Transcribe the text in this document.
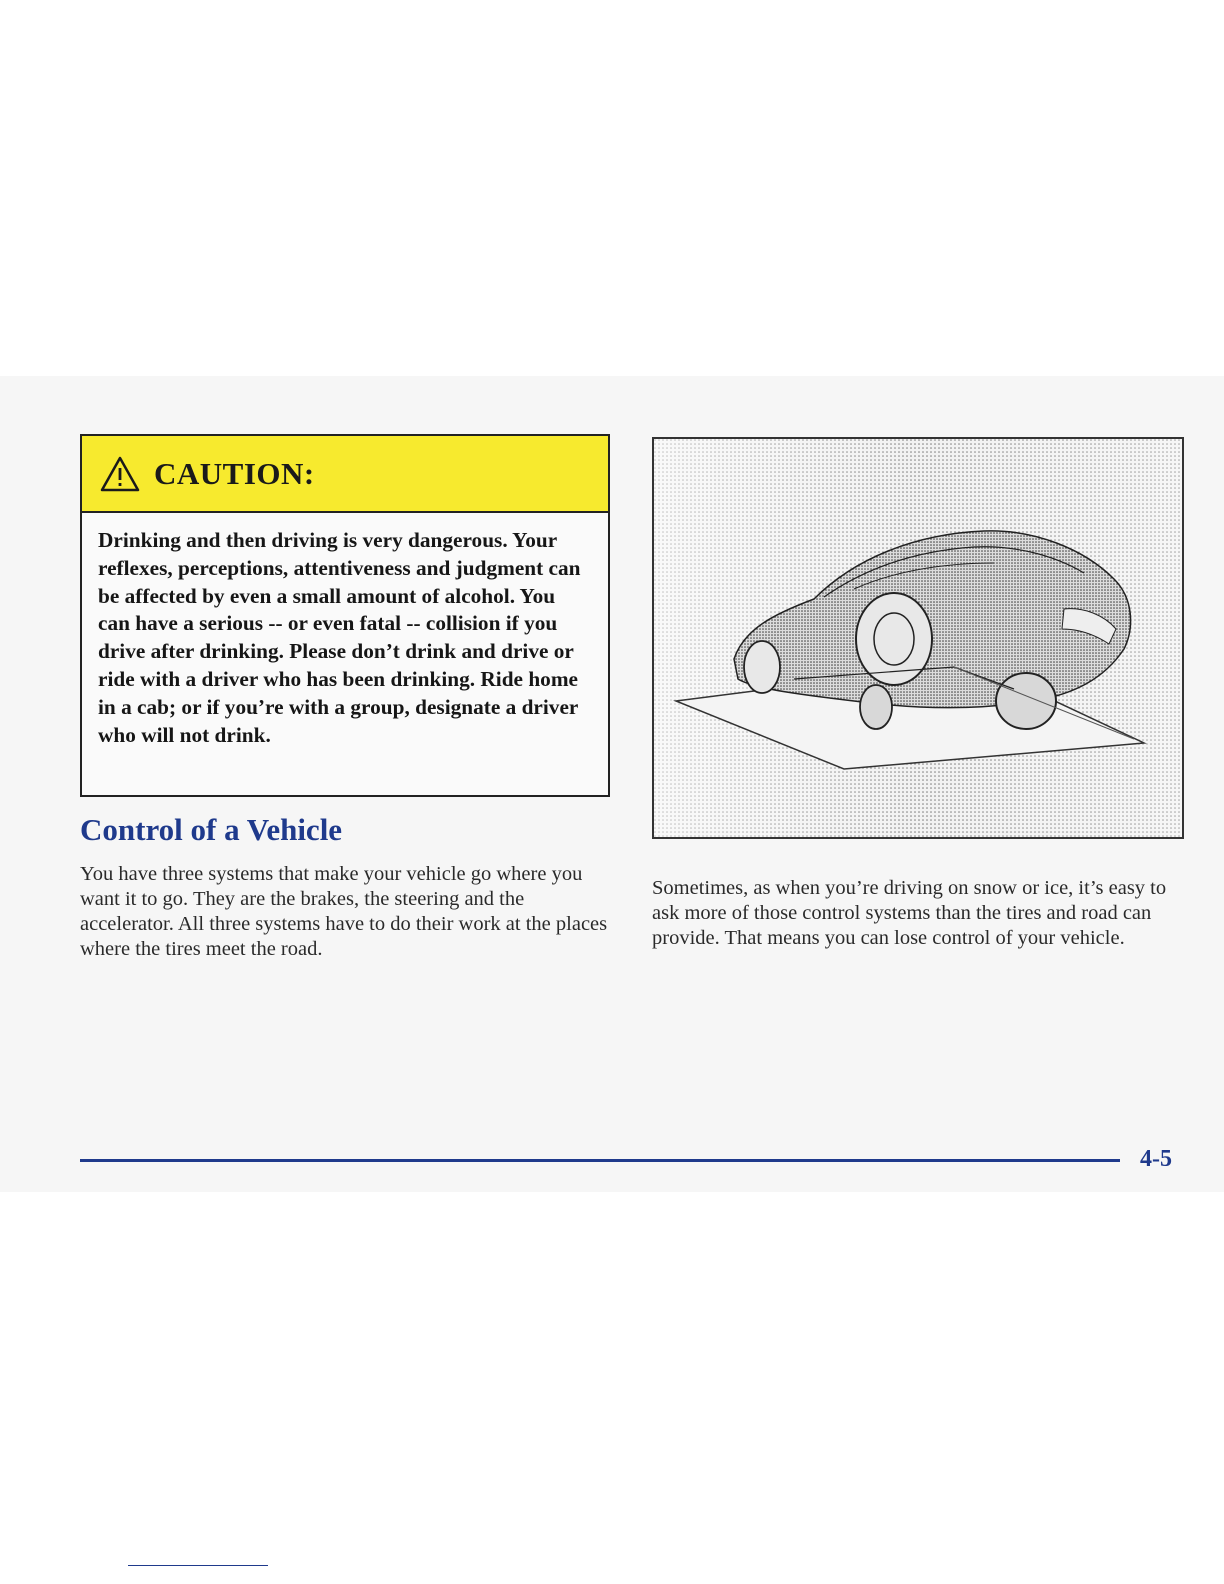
CAUTION:
Drinking and then driving is very dangerous. Your reflexes, perceptions, attentiveness and judgment can be affected by even a small amount of alcohol. You can have a serious -- or even fatal -- collision if you drive after drinking. Please don’t drink and drive or ride with a driver who has been drinking. Ride home in a cab; or if you’re with a group, designate a driver who will not drink.
Control of a Vehicle

You have three systems that make your vehicle go where you want it to go. They are the brakes, the steering and the accelerator. All three systems have to do their work at the places where the tires meet the road.

Sometimes, as when you’re driving on snow or ice, it’s easy to ask more of those control systems than the tires and road can provide. That means you can lose control of your vehicle.

4-5
